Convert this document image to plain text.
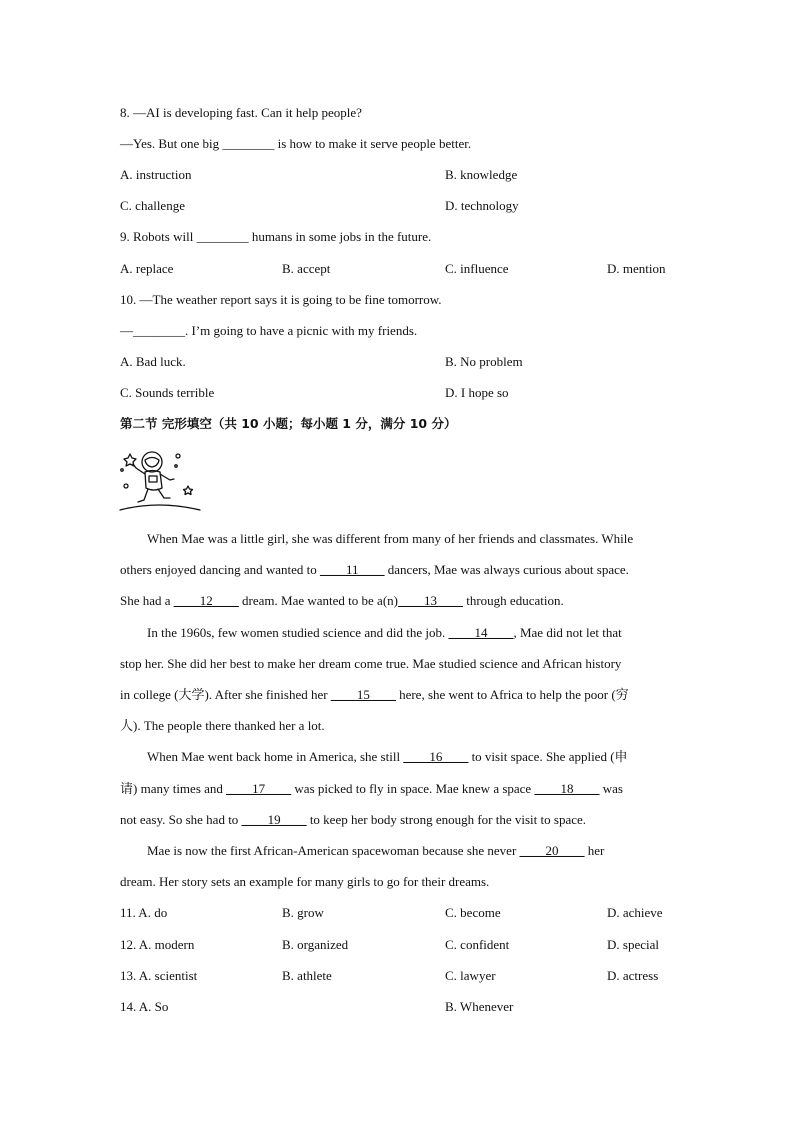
8. —AI is developing fast. Can it help people?
—Yes. But one big ________ is how to make it serve people better.
A. instruction	B. knowledge
C. challenge	D. technology
9. Robots will ________ humans in some jobs in the future.
A. replace	B. accept	C. influence	D. mention
10. —The weather report says it is going to be fine tomorrow.
—________. I’m going to have a picnic with my friends.
A. Bad luck.	B. No problem
C. Sounds terrible	D. I hope so
第二节 完形填空（共 10 小题；每小题 1 分，满分 10 分）
When Mae was a little girl, she was different from many of her friends and classmates. While
others enjoyed dancing and wanted to ____11____ dancers, Mae was always curious about space.
She had a ____12____ dream. Mae wanted to be a(n)____13____ through education.
In the 1960s, few women studied science and did the job. ____14____, Mae did not let that
stop her. She did her best to make her dream come true. Mae studied science and African history
in college (大学). After she finished her ____15____ here, she went to Africa to help the poor (穷
人). The people there thanked her a lot.
When Mae went back home in America, she still ____16____ to visit space. She applied (申
请) many times and ____17____ was picked to fly in space. Mae knew a space ____18____ was
not easy. So she had to ____19____ to keep her body strong enough for the visit to space.
Mae is now the first African-American spacewoman because she never ____20____ her
dream. Her story sets an example for many girls to go for their dreams.
11. A. do	B. grow	C. become	D. achieve
12. A. modern	B. organized	C. confident	D. special
13. A. scientist	B. athlete	C. lawyer	D. actress
14. A. So	B. Whenever
